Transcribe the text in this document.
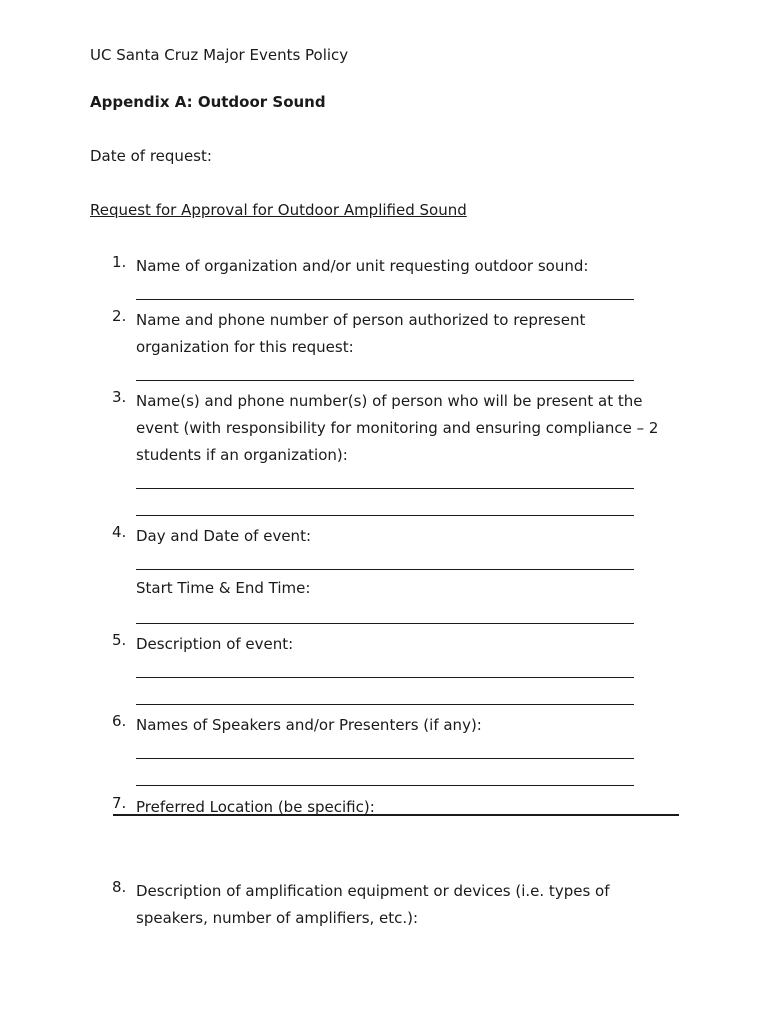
UC Santa Cruz Major Events Policy
Appendix A: Outdoor Sound
Date of request:
Request for Approval for Outdoor Amplified Sound
1. Name of organization and/or unit requesting outdoor sound:
2. Name and phone number of person authorized to represent organization for this request:
3. Name(s) and phone number(s) of person who will be present at the event (with responsibility for monitoring and ensuring compliance – 2 students if an organization):
4. Day and Date of event:
Start Time & End Time:
5. Description of event:
6. Names of Speakers and/or Presenters (if any):
7. Preferred Location (be specific):
8. Description of amplification equipment or devices (i.e. types of speakers, number of amplifiers, etc.):
